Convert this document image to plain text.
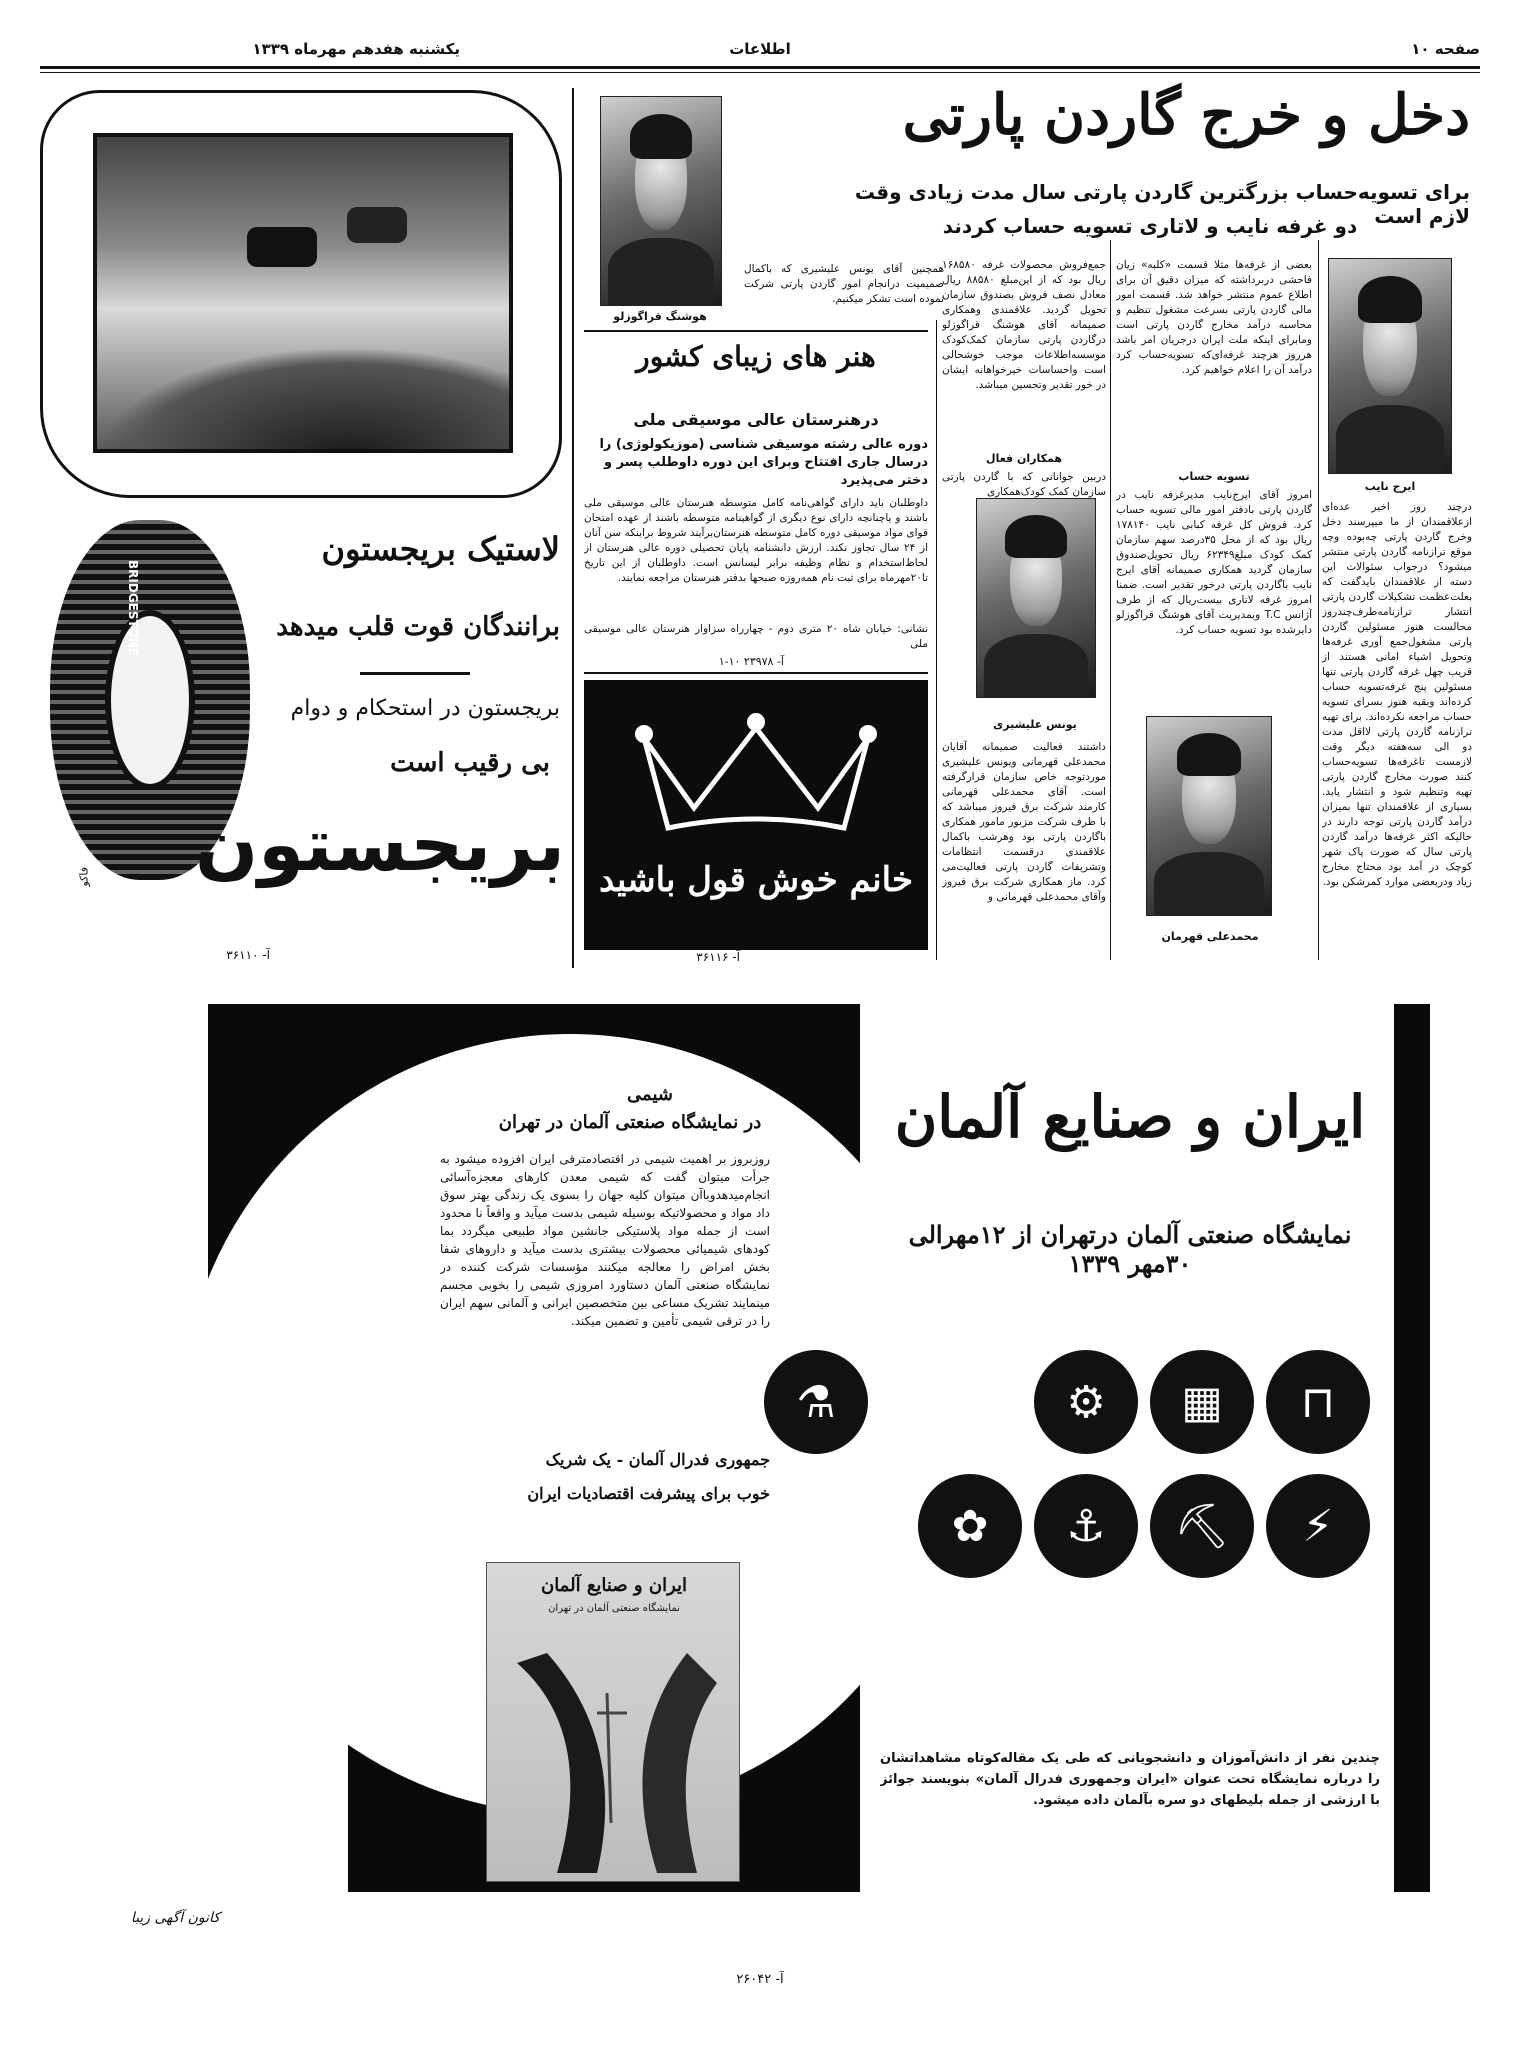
صفحه ۱۰
اطلاعات
یکشنبه هفدهم مهرماه ۱۳۳۹
BRIDGESTONE
لاستیک بریجستون
برانندگان قوت قلب میدهد
بریجستون در استحکام و دوام
بی رقیب است
بریجستون
فاکو
آ- ۳۶۱۱۰
دخل و خرج گاردن پارتی
برای تسویه‌حساب بزرگترین گاردن پارتی سال مدت زیادی وقت لازم است
دو غرفه نایب و لاتاری تسویه حساب کردند
هوشنگ قراگوزلو
همچنین آقای یونس علیشیری که باکمال صمیمیت درانجام امور گاردن پارتی شرکت نموده است تشکر میکنیم.
ایرج نایب
درچند روز اخیر عده‌ای ازعلاقمندان از ما میپرسند دخل وخرج گاردن پارتی چه‌بوده وچه موقع ترازنامه گاردن پارتی منتشر میشود؟ درجواب سئوالات این دسته از علاقمندان بایدگفت که بعلت‌عظمت تشکیلات گاردن پارتی انتشار ترازنامه‌طرف‌چندروز محالست هنوز مسئولین گاردن پارتی مشغول‌جمع آوری غرفه‌ها وتحویل اشیاء امانی هستند از قریب چهل غرفه گاردن پارتی تنها مسئولین پنج غرفه‌تسویه حساب کرده‌اند وبقیه هنوز بسرای تسویه حساب مراجعه نکرده‌اند. برای تهیه ترازنامه گاردن پارتی لااقل مدت دو الی سه‌هفته دیگر وقت لازمست تاغرفه‌ها تسویه‌حساب کنند صورت مخارج گاردن پارتی تهیه وتنظیم شود و انتشار یابد. بسیاری از علاقمندان تنها بمیزان درآمد گاردن پارتی توجه دارند در حالیکه اکثر غرفه‌ها درآمد گاردن پارتی سال که صورت پاک شهر کوچک در آمد بود محتاج مخارج زیاد ودربعضی موارد کمرشکن بود.
بعضی از غرفه‌ها مثلا قسمت «کلبه» زیان فاحشی دربرداشته که میزان دقیق آن برای اطلاع عموم منتشر خواهد شد. قسمت امور مالی گاردن پارتی بسرعت مشغول تنظیم و محاسبه درآمد مخارج گاردن پارتی است ومابرای اینکه ملت ایران درجریان امر باشد هرروز هرچند غرفه‌ای‌که تسویه‌حساب کرد درآمد آن را اعلام خواهیم کرد.
تسویه حساب
امروز آقای ایرج‌نایب مدیرغرفه نایب در گاردن پارتی بادفتر امور مالی تسویه حساب کرد. فروش کل غرفه کبابی نایب ۱۷۸۱۴۰ ریال بود که از محل ۳۵درصد سهم سازمان کمک کودک مبلغ۶۲۳۴۹ ریال تحویل‌صندوق سازمان گردید همکاری صمیمانه آقای ایرج نایب باگاردن پارتی درخور تقدیر است. ضمنا امروز غرفه لاتاری بیست‌ریال که از طرف آژانس T.C وبمدیریت آقای هوشنگ قراگوزلو دایرشده بود تسویه حساب کرد.
محمدعلی قهرمان
جمع‌فروش محصولات غرفه ۱۶۸۵۸۰ ریال بود که از این‌مبلغ ۸۸۵۸۰ ریال معادل نصف فروش بصندوق سازمان تحویل گردید. علاقمندی وهمکاری صمیمانه آقای هوشنگ قراگوزلو درگاردن پارتی سازمان کمک‌کودک موسسه‌اطلاعات موجب خوشحالی است واحساسات خیرخواهانه ایشان در خور تقدیر وتحسین میباشد.
همکاران فعال
دربین جوانانی که با گاردن پارتی سازمان کمک کودک‌همکاری
یونس علیشیری
داشتند فعالیت صمیمانه آقایان محمدعلی قهرمانی ویونس علیشیری موردتوجه خاص سازمان قرارگرفته است. آقای محمدعلی قهرمانی کارمند شرکت برق فیروز میباشد که با طرف شرکت مزبور مامور همکاری باگاردن پارتی بود وهرشب باکمال علاقمندی درقسمت انتظامات وتشریفات گاردن پارتی فعالیت‌می کرد. ماز همکاری شرکت برق فیروز وآقای محمدعلی قهرمانی و
هنر های زیبای کشور
درهنرستان عالی موسیقی ملی
دوره عالی رشته موسیقی شناسی (موزیکولوژی) را درسال جاری افتتاح وبرای این دوره داوطلب پسر و دختر می‌پذیرد
داوطلبان باید دارای گواهی‌نامه کامل متوسطه هنرستان عالی موسیقی ملی باشند و یاچنانچه دارای نوع دیگری از گواهینامه متوسطه باشند از عهده امتحان قوای مواد موسیقی دوره کامل متوسطه هنرستان‌برآیند شروط براینکه سن آنان از ۲۴ سال تجاوز نکند. ارزش دانشنامه پایان تحصیلی دوره عالی هنرستان از لحاظ‌استخدام و نظام وظیفه برابر لیسانس است. داوطلبان از این تاریخ تا۲۰مهرماه برای ثبت نام همه‌روزه صبحها بدفتر هنرستان مراجعه نمایند.
نشانی: خیابان شاه ۲۰ متری دوم - چهارراه سزاوار هنرستان عالی موسیقی ملی
آ- ۲۳۹۷۸ ۱۰-۱
خانم خوش قول باشید
آ- ۳۶۱۱۶
ایران و صنایع آلمان
نمایشگاه صنعتی آلمان درتهران از ۱۲مهرالی ۳۰مهر ۱۳۳۹
⊓
▦
⚙
⚡
⛏
⚓
✿
⚗
شیمی
در نمایشگاه صنعتی آلمان در تهران
روزبروز بر اهمیت شیمی در اقتصادمترقی ایران افزوده میشود به جرأت میتوان گفت که شیمی معدن کارهای معجزه‌آسائی انجام‌میدهدو‌باآن میتوان کلیه جهان را بسوی یک زندگی بهتر سوق داد مواد و محصولاتیکه بوسیله شیمی بدست میآید و واقعاً نا محدود است از جمله مواد پلاستیکی جانشین مواد طبیعی میگردد بما کودهای شیمیائی محصولات بیشتری بدست میآید و داروهای شفا بخش امراض را معالجه میکنند مؤسسات شرکت کننده در نمایشگاه صنعتی آلمان دستاورد امروزی شیمی را بخوبی مجسم مینمایند تشریک مساعی بین متخصصین ایرانی و آلمانی سهم ایران را در ترقی شیمی تأمین و تضمین میکند.
جمهوری فدرال آلمان - یک شریک
خوب برای پیشرفت اقتصادیات ایران
ایران و صنایع آلمان
نمایشگاه صنعتی آلمان در تهران
چندین نفر از دانش‌آموزان و دانشجویانی که طی یک مقاله‌کوتاه مشاهداتشان را درباره نمایشگاه تحت عنوان «ایران وجمهوری فدرال آلمان» بنویسند جوائز با ارزشی از جمله بلیطهای دو سره بآلمان داده میشود.
کانون آگهی زیبا
آ- ۲۶۰۴۲
